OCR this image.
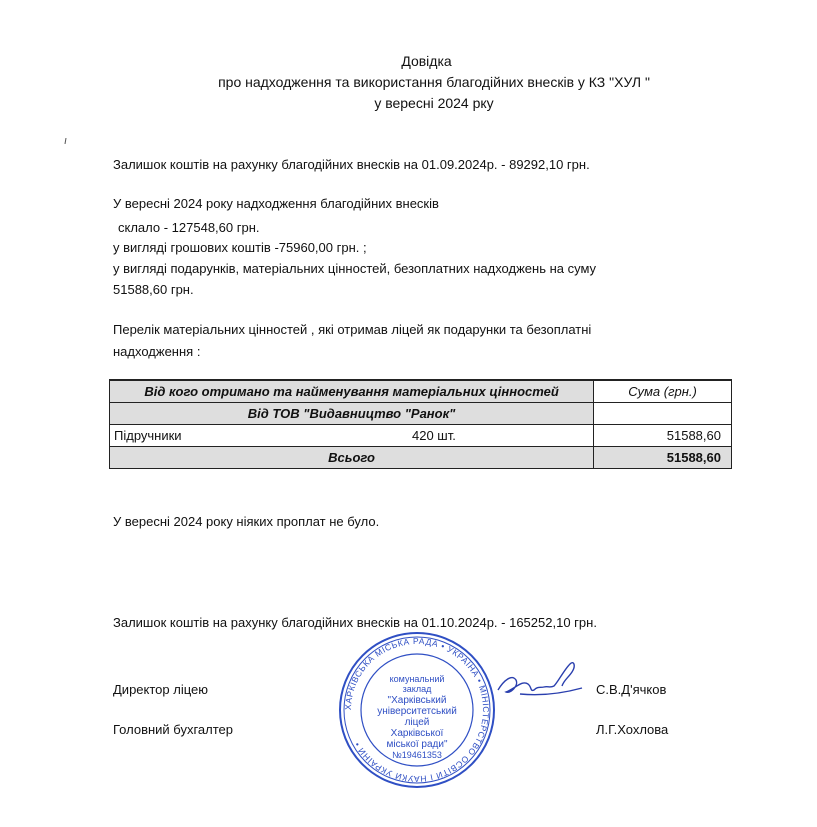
Довідка
про надходження та використання благодійних внесків у КЗ "ХУЛ "
у вересні 2024 рку
Залишок коштів на рахунку благодійних внесків на 01.09.2024р. - 89292,10 грн.
У вересні 2024 року надходження благодійних внесків
склало - 127548,60 грн.
у вигляді грошових коштів -75960,00 грн. ;
у вигляді подарунків, матеріальних цінностей, безоплатних надходжень на суму
51588,60 грн.
Перелік матеріальних цінностей , які отримав ліцей як подарунки та безоплатні
надходження :
Від кого отримано та найменування матеріальних цінностей	Сума (грн.)
Від ТОВ "Видавництво "Ранок"	
Підручники 420 шт.	51588,60
Всього	51588,60
У вересні 2024 року ніяких проплат не було.
Залишок коштів на рахунку благодійних внесків на 01.10.2024р. - 165252,10 грн.
Директор ліцею	С.В.Д'ячков
Головний бухгалтер	Л.Г.Хохлова
ХАРКІВСЬКА МІСЬКА РАДА • УКРАЇНА • МІНІСТЕРСТВО ОСВІТИ І НАУКИ УКРАЇНИ •
комунальний
заклад
"Харківський
університетський
ліцей
Харківської
міської ради"
№19461353
